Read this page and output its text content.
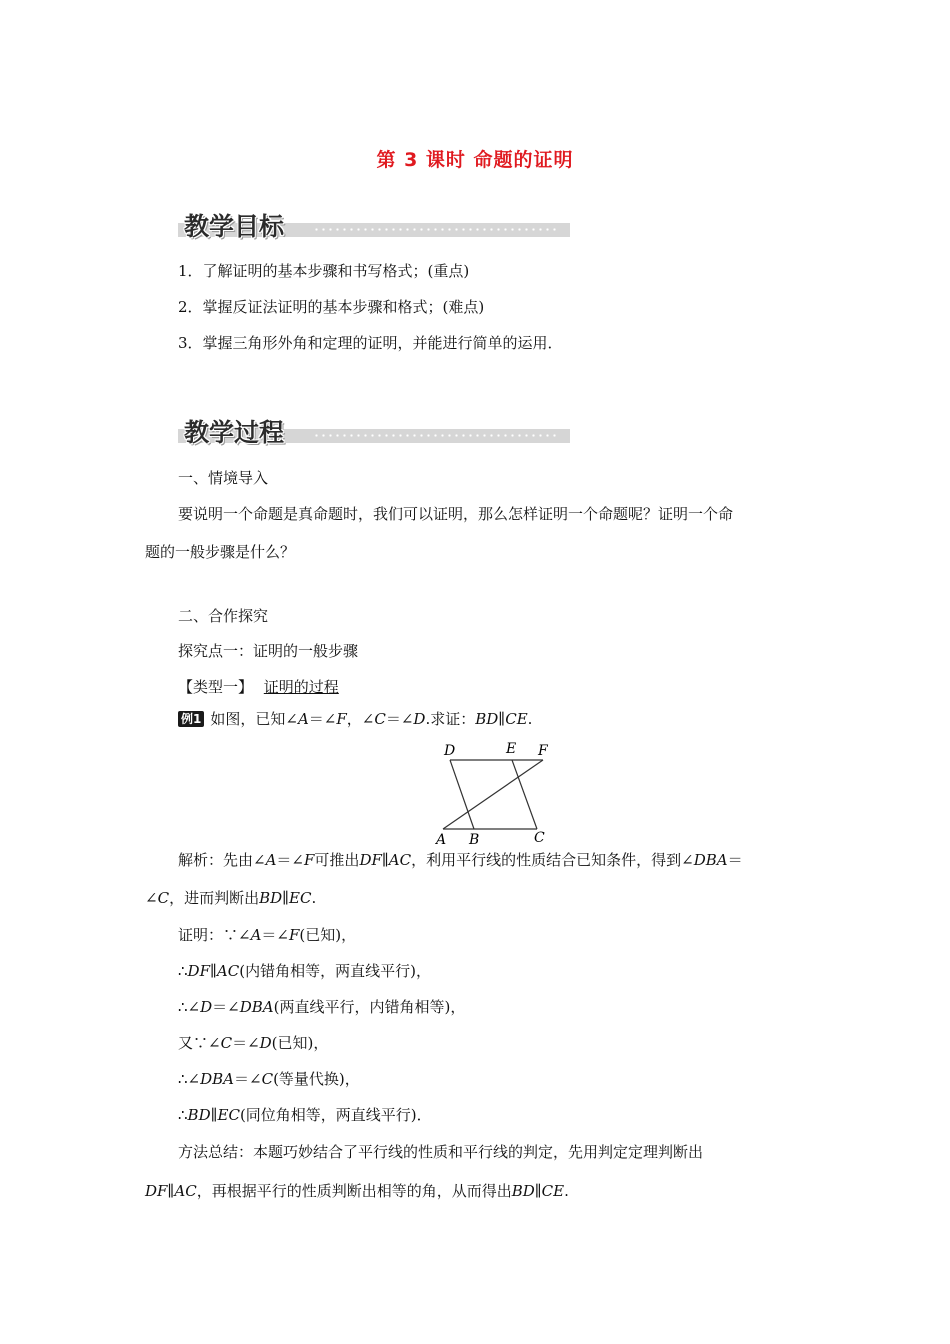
第 3 课时 命题的证明
教学目标
1．了解证明的基本步骤和书写格式；(重点)
2．掌握反证法证明的基本步骤和格式；(难点)
3．掌握三角形外角和定理的证明，并能进行简单的运用．
教学过程
一、情境导入
要说明一个命题是真命题时，我们可以证明，那么怎样证明一个命题呢？证明一个命
题的一般步骤是什么？
二、合作探究
探究点一：证明的一般步骤
【类型一】 证明的过程
例1 如图，已知∠A＝∠F，∠C＝∠D.求证：BD∥CE.
D	E F
A B	C
解析：先由∠A＝∠F可推出DF∥AC，利用平行线的性质结合已知条件，得到∠DBA＝
∠C，进而判断出BD∥EC.
证明：∵∠A＝∠F(已知)，
∴DF∥AC(内错角相等，两直线平行)，
∴∠D＝∠DBA(两直线平行，内错角相等)，
又∵∠C＝∠D(已知)，
∴∠DBA＝∠C(等量代换)，
∴BD∥EC(同位角相等，两直线平行)．
方法总结：本题巧妙结合了平行线的性质和平行线的判定，先用判定定理判断出
DF∥AC，再根据平行的性质判断出相等的角，从而得出BD∥CE.
